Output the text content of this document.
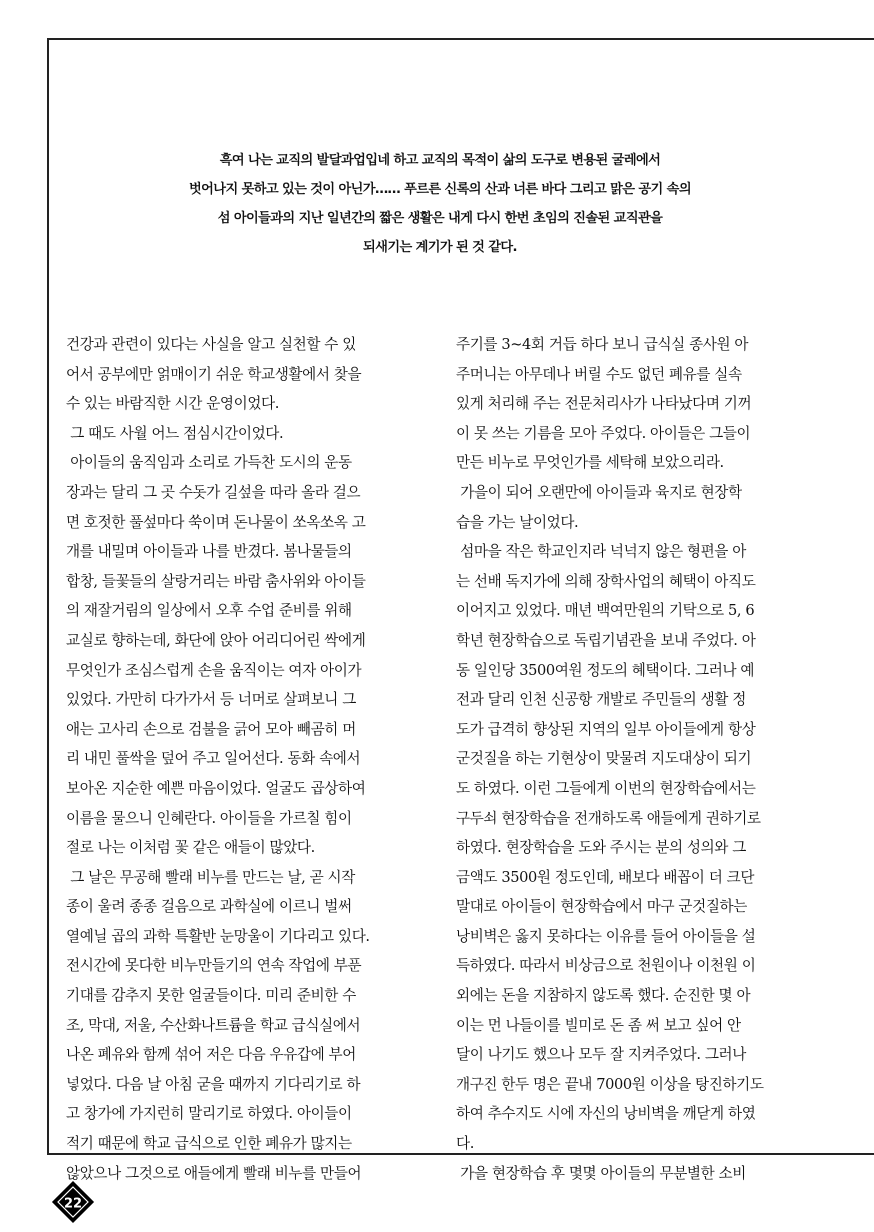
흑여 나는 교직의 발달과업입네 하고 교직의 목적이 삶의 도구로 변용된 굴레에서
벗어나지 못하고 있는 것이 아닌가…… 푸르른 신록의 산과 너른 바다 그리고 맑은 공기 속의
섬 아이들과의 지난 일년간의 짧은 생활은 내게 다시 한번 초임의 진솔된 교직관을
되새기는 계기가 된 것 같다.

건강과 관련이 있다는 사실을 알고 실천할 수 있

어서 공부에만 얽매이기 쉬운 학교생활에서 찾을

수 있는 바람직한 시간 운영이었다.

그 때도 사월 어느 점심시간이었다.

아이들의 움직임과 소리로 가득찬 도시의 운동

장과는 달리 그 곳 수돗가 길섶을 따라 올라 걸으

면 호젓한 풀섶마다 쑥이며 돈나물이 쏘옥쏘옥 고

개를 내밀며 아이들과 나를 반겼다. 봄나물들의

합창, 들꽃들의 살랑거리는 바람 춤사위와 아이들

의 재잘거림의 일상에서 오후 수업 준비를 위해

교실로 향하는데, 화단에 앉아 어리디어린 싹에게

무엇인가 조심스럽게 손을 움직이는 여자 아이가

있었다. 가만히 다가가서 등 너머로 살펴보니 그

애는 고사리 손으로 검불을 긁어 모아 빼곰히 머

리 내민 풀싹을 덮어 주고 일어선다. 동화 속에서

보아온 지순한 예쁜 마음이었다. 얼굴도 곱상하여

이름을 물으니 인혜란다. 아이들을 가르칠 힘이

절로 나는 이처럼 꽃 같은 애들이 많았다.

그 날은 무공해 빨래 비누를 만드는 날, 곧 시작

종이 울려 종종 걸음으로 과학실에 이르니 벌써

열예닐 곱의 과학 특활반 눈망울이 기다리고 있다.

전시간에 못다한 비누만들기의 연속 작업에 부푼

기대를 감추지 못한 얼굴들이다. 미리 준비한 수

조, 막대, 저울, 수산화나트륨을 학교 급식실에서

나온 폐유와 함께 섞어 저은 다음 우유갑에 부어

넣었다. 다음 날 아침 굳을 때까지 기다리기로 하

고 창가에 가지런히 말리기로 하였다. 아이들이

적기 때문에 학교 급식으로 인한 폐유가 많지는

않았으나 그것으로 애들에게 빨래 비누를 만들어

주기를 3~4회 거듭 하다 보니 급식실 종사원 아

주머니는 아무데나 버릴 수도 없던 폐유를 실속

있게 처리해 주는 전문처리사가 나타났다며 기꺼

이 못 쓰는 기름을 모아 주었다. 아이들은 그들이

만든 비누로 무엇인가를 세탁해 보았으리라.

가을이 되어 오랜만에 아이들과 육지로 현장학

습을 가는 날이었다.

섬마을 작은 학교인지라 넉넉지 않은 형편을 아

는 선배 독지가에 의해 장학사업의 혜택이 아직도

이어지고 있었다. 매년 백여만원의 기탁으로 5, 6

학년 현장학습으로 독립기념관을 보내 주었다. 아

동 일인당 3500여원 정도의 혜택이다. 그러나 예

전과 달리 인천 신공항 개발로 주민들의 생활 정

도가 급격히 향상된 지역의 일부 아이들에게 항상

군것질을 하는 기현상이 맞물려 지도대상이 되기

도 하였다. 이런 그들에게 이번의 현장학습에서는

구두쇠 현장학습을 전개하도록 애들에게 권하기로

하였다. 현장학습을 도와 주시는 분의 성의와 그

금액도 3500원 정도인데, 배보다 배꼽이 더 크단

말대로 아이들이 현장학습에서 마구 군것질하는

낭비벽은 옳지 못하다는 이유를 들어 아이들을 설

득하였다. 따라서 비상금으로 천원이나 이천원 이

외에는 돈을 지참하지 않도록 했다. 순진한 몇 아

이는 먼 나들이를 빌미로 돈 좀 써 보고 싶어 안

달이 나기도 했으나 모두 잘 지켜주었다. 그러나

개구진 한두 명은 끝내 7000원 이상을 탕진하기도

하여 추수지도 시에 자신의 낭비벽을 깨닫게 하였

다.

가을 현장학습 후 몇몇 아이들의 무분별한 소비

22
